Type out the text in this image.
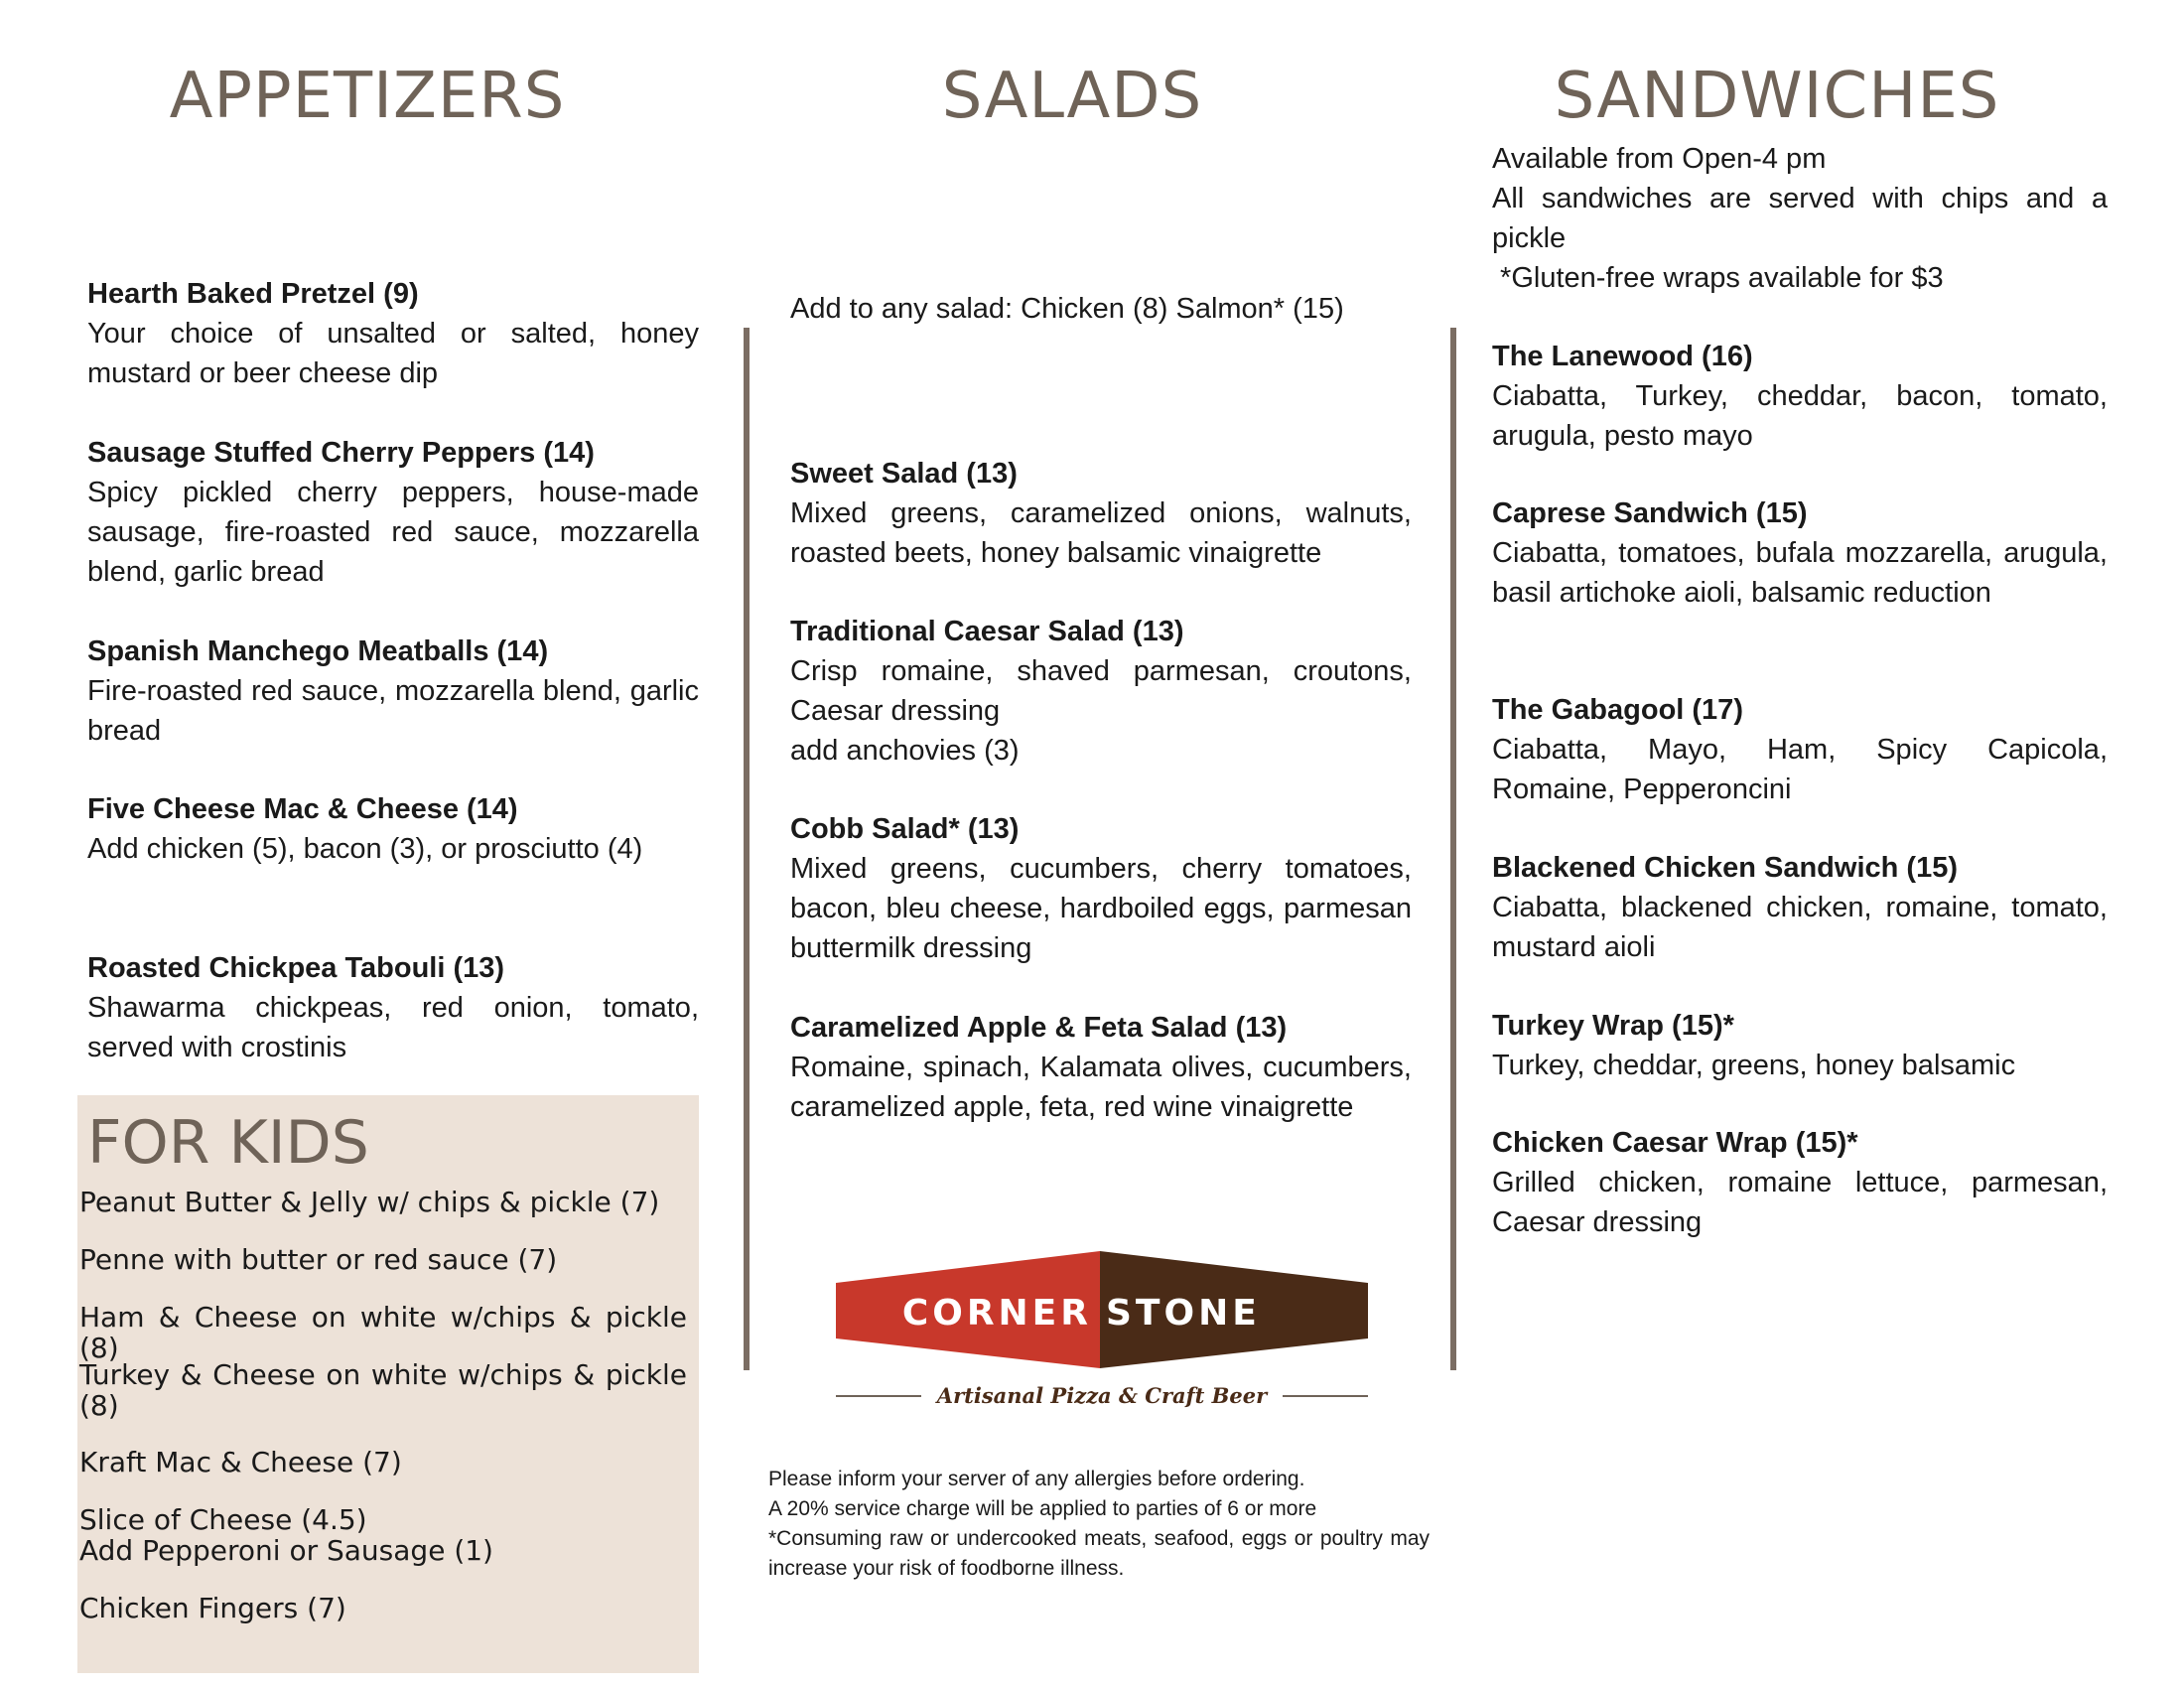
APPETIZERS	SALADS	SANDWICHES

Hearth Baked Pretzel (9)

Your choice of unsalted or salted, honey mustard or beer cheese dip

Sausage Stuffed Cherry Peppers (14)

Spicy pickled cherry peppers, house-made sausage, fire-roasted red sauce, mozzarella blend, garlic bread

Spanish Manchego Meatballs (14)

Fire-roasted red sauce, mozzarella blend, garlic bread

Five Cheese Mac & Cheese (14)

Add chicken (5), bacon (3), or prosciutto (4)

Roasted Chickpea Tabouli (13)

Shawarma chickpeas, red onion, tomato, served with crostinis

FOR KIDS

Peanut Butter & Jelly w/ chips & pickle (7)

Penne with butter or red sauce (7)

Ham & Cheese on white w/chips & pickle (8)

Turkey & Cheese on white w/chips & pickle (8)

Kraft Mac & Cheese (7)

Slice of Cheese (4.5)

Add Pepperoni or Sausage (1)

Chicken Fingers (7)

Add to any salad: Chicken (8) Salmon* (15)

Sweet Salad (13)

Mixed greens, caramelized onions, walnuts, roasted beets, honey balsamic vinaigrette

Traditional Caesar Salad (13)

Crisp romaine, shaved parmesan, croutons, Caesar dressing

add anchovies (3)

Cobb Salad* (13)

Mixed greens, cucumbers, cherry tomatoes, bacon, bleu cheese, hardboiled eggs, parmesan buttermilk dressing

Caramelized Apple & Feta Salad (13)

Romaine, spinach, Kalamata olives, cucumbers, caramelized apple, feta, red wine vinaigrette

CORNER STONE
Artisanal Pizza & Craft Beer

Please inform your server of any allergies before ordering.

A 20% service charge will be applied to parties of 6 or more

*Consuming raw or undercooked meats, seafood, eggs or poultry may increase your risk of foodborne illness.

Available from Open-4 pm

All sandwiches are served with chips and a pickle

*Gluten-free wraps available for $3

The Lanewood (16)

Ciabatta, Turkey, cheddar, bacon, tomato, arugula, pesto mayo

Caprese Sandwich (15)

Ciabatta, tomatoes, bufala mozzarella, arugula, basil artichoke aioli, balsamic reduction

The Gabagool (17)

Ciabatta, Mayo, Ham, Spicy Capicola, Romaine, Pepperoncini

Blackened Chicken Sandwich (15)

Ciabatta, blackened chicken, romaine, tomato, mustard aioli

Turkey Wrap (15)*

Turkey, cheddar, greens, honey balsamic

Chicken Caesar Wrap (15)*

Grilled chicken, romaine lettuce, parmesan, Caesar dressing
